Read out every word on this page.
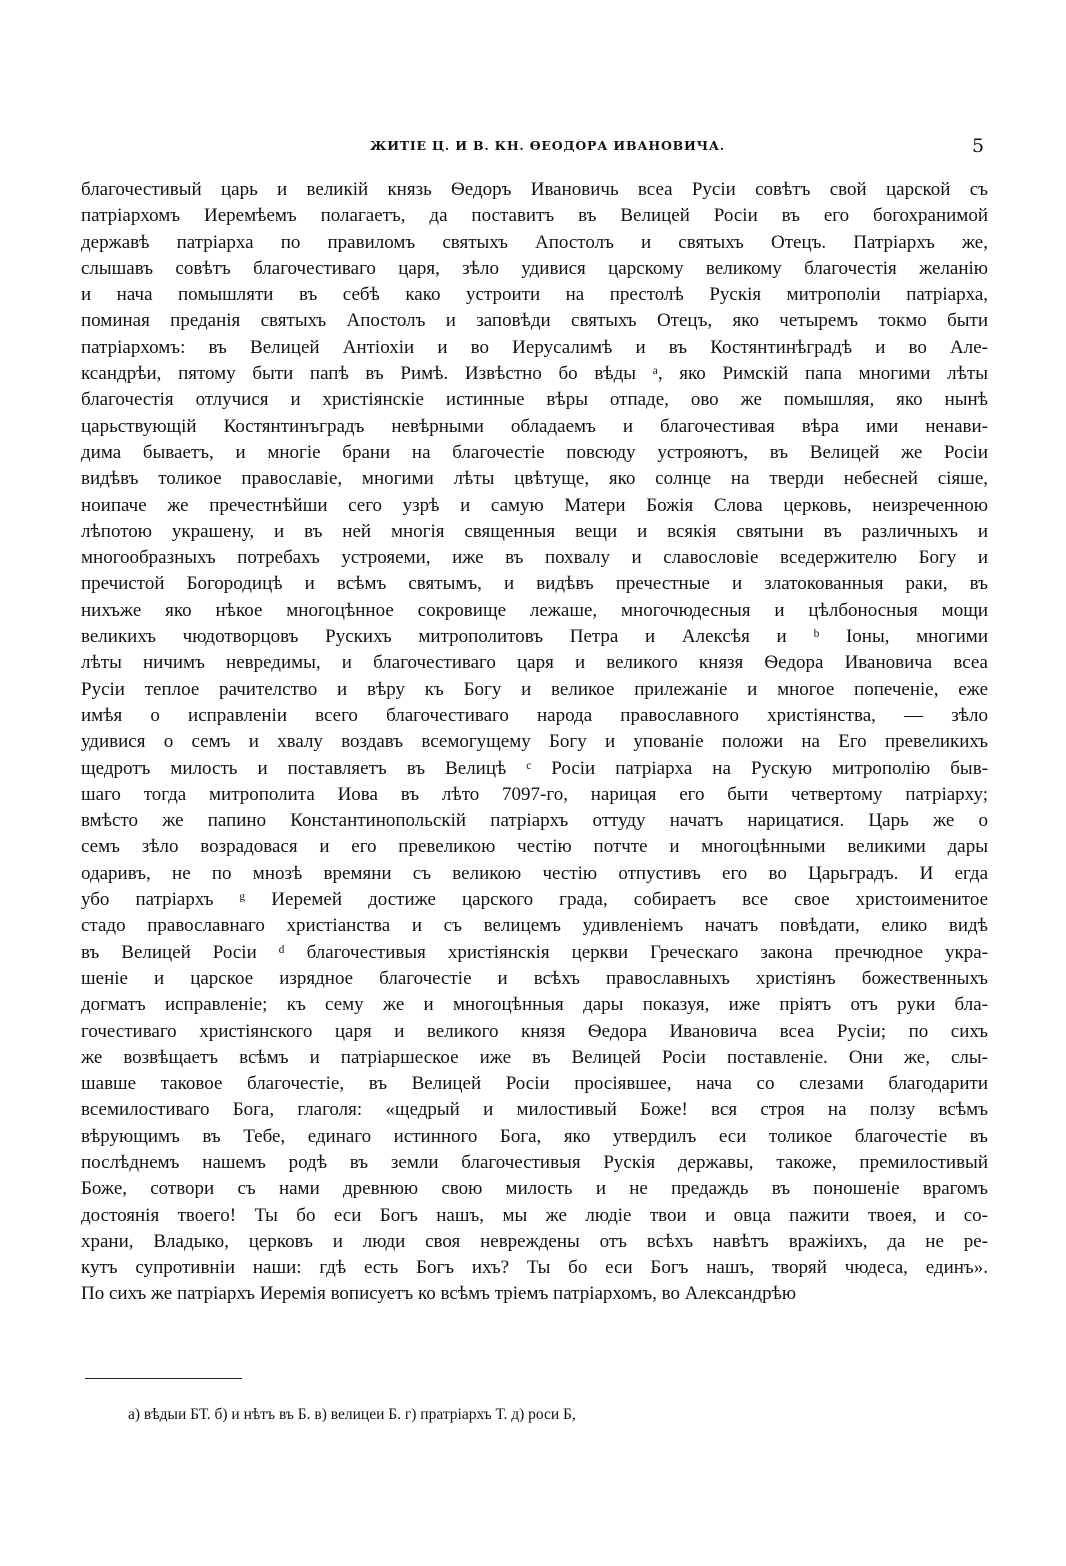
ЖИТІЕ Ц. И В. КН. ѲЕОДОРА ИВАНОВИЧА.	5
благочестивый царь и великій князь Ѳедоръ Ивановичь всеа Русіи совѣтъ свой царской съ
патріархомъ Иеремѣемъ полагаетъ, да поставитъ въ Велицей Росіи въ его богохранимой
державѣ патріарха по правиломъ святыхъ Апостолъ и святыхъ Отецъ. Патріархъ же,
слышавъ совѣтъ благочестиваго царя, зѣло удивися царскому великому благочестія желанію
и нача помышляти въ себѣ како устроити на престолѣ Рускія митрополіи патріарха,
поминая преданія святыхъ Апостолъ и заповѣди святыхъ Отецъ, яко четыремъ токмо быти
патріархомъ: въ Велицей Антіохіи и во Иерусалимѣ и въ Костянтинѣградѣ и во Але-
ксандрѣи, пятому быти папѣ въ Римѣ. Извѣстно бо вѣды ᵃ, яко Римскій папа многими лѣты
благочестія отлучися и христіянскіе истинные вѣры отпаде, ово же помышляя, яко нынѣ
царьствующій Костянтинъградъ невѣрными обладаемъ и благочестивая вѣра ими ненави-
дима бываетъ, и многіе брани на благочестіе повсюду устрояютъ, въ Велицей же Росіи
видѣвъ толикое православіе, многими лѣты цвѣтуще, яко солнце на тверди небесней сіяше,
ноипаче же пречестнѣйши сего узрѣ и самую Матери Божія Слова церковь, неизреченною
лѣпотою украшену, и въ ней многія священныя вещи и всякія святыни въ различныхъ и
многообразныхъ потребахъ устрояеми, иже въ похвалу и славословіе вседержителю Богу и
пречистой Богородицѣ и всѣмъ святымъ, и видѣвъ пречестные и златокованныя раки, въ
нихъже яко нѣкое многоцѣнное сокровище лежаше, многочюдесныя и цѣлбоносныя мощи
великихъ чюдотворцовъ Рускихъ митрополитовъ Петра и Алексѣя и ᵇ Іоны, многими
лѣты ничимъ невредимы, и благочестиваго царя и великого князя Ѳедора Ивановича всеа
Русіи теплое рачителство и вѣру къ Богу и великое прилежаніе и многое попеченіе, еже
имѣя о исправленіи всего благочестиваго народа православного христіянства, — зѣло
удивися о семъ и хвалу воздавъ всемогущему Богу и упованіе положи на Его превеликихъ
щедротъ милость и поставляетъ въ Велицѣ ᶜ Росіи патріарха на Рускую митрополію быв-
шаго тогда митрополита Иова въ лѣто 7097-го, нарицая его быти четвертому патріарху;
вмѣсто же папино Константинопольскій патріархъ оттуду начатъ нарицатися. Царь же о
семъ зѣло возрадовася и его превеликою честію потчте и многоцѣнными великими дары
одаривъ, не по мнозѣ времяни съ великою честію отпустивъ его во Царьградъ. И егда
убо патріархъ ᵍ Иеремей достиже царского града, собираетъ все свое христоименитое
стадо православнаго христіанства и съ велицемъ удивленіемъ начатъ повѣдати, елико видѣ
въ Велицей Росіи ᵈ благочестивыя христіянскія церкви Греческаго закона пречюдное укра-
шеніе и царское изрядное благочестіе и всѣхъ православныхъ христіянъ божественныхъ
догматъ исправленіе; къ сему же и многоцѣнныя дары показуя, иже пріятъ отъ руки бла-
гочестиваго христіянского царя и великого князя Ѳедора Ивановича всеа Русіи; по сихъ
же возвѣщаетъ всѣмъ и патріаршеское иже въ Велицей Росіи поставленіе. Они же, слы-
шавше таковое благочестіе, въ Велицей Росіи просіявшее, нача со слезами благодарити
всемилостиваго Бога, глаголя: «щедрый и милостивый Боже! вся строя на ползу всѣмъ
вѣрующимъ въ Тебе, единаго истинного Бога, яко утвердилъ еси толикое благочестіе въ
послѣднемъ нашемъ родѣ въ земли благочестивыя Рускія державы, такоже, премилостивый
Боже, сотвори съ нами древнюю свою милость и не предаждь въ поношеніе врагомъ
достоянія твоего! Ты бо еси Богъ нашъ, мы же людіе твои и овца пажити твоея, и со-
храни, Владыко, церковъ и люди своя невреждены отъ всѣхъ навѣтъ вражіихъ, да не ре-
кутъ супротивніи наши: гдѣ есть Богъ ихъ? Ты бо еси Богъ нашъ, творяй чюдеса, единъ».
По сихъ же патріархъ Иеремія вописуетъ ко всѣмъ тріемъ патріархомъ, во Александрѣю
а) вѣдыи БТ. б) и нѣтъ въ Б. в) велицеи Б. г) пратріархъ Т. д) роси Б,
